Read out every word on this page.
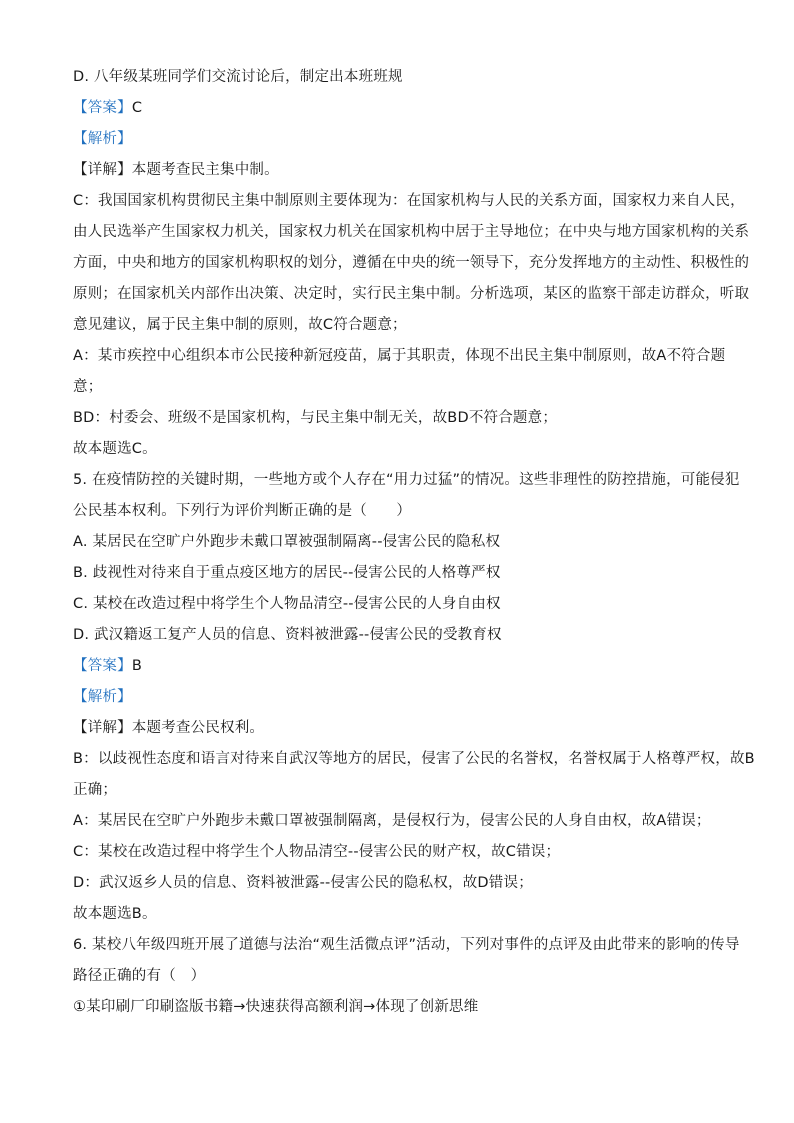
D. 八年级某班同学们交流讨论后，制定出本班班规
【答案】C
【解析】
【详解】本题考查民主集中制。
C：我国国家机构贯彻民主集中制原则主要体现为：在国家机构与人民的关系方面，国家权力来自人民，
由人民选举产生国家权力机关，国家权力机关在国家机构中居于主导地位；在中央与地方国家机构的关系
方面，中央和地方的国家机构职权的划分，遵循在中央的统一领导下，充分发挥地方的主动性、积极性的
原则；在国家机关内部作出决策、决定时，实行民主集中制。分析选项，某区的监察干部走访群众，听取
意见建议，属于民主集中制的原则，故C符合题意；
A：某市疾控中心组织本市公民接种新冠疫苗，属于其职责，体现不出民主集中制原则，故A不符合题
意；
BD：村委会、班级不是国家机构，与民主集中制无关，故BD不符合题意；
故本题选C。
5. 在疫情防控的关键时期，一些地方或个人存在“用力过猛”的情况。这些非理性的防控措施，可能侵犯
公民基本权利。下列行为评价判断正确的是（　　）
A. 某居民在空旷户外跑步未戴口罩被强制隔离--侵害公民的隐私权
B. 歧视性对待来自于重点疫区地方的居民--侵害公民的人格尊严权
C. 某校在改造过程中将学生个人物品清空--侵害公民的人身自由权
D. 武汉籍返工复产人员的信息、资料被泄露--侵害公民的受教育权
【答案】B
【解析】
【详解】本题考查公民权利。
B：以歧视性态度和语言对待来自武汉等地方的居民，侵害了公民的名誉权，名誉权属于人格尊严权，故B
正确；
A：某居民在空旷户外跑步未戴口罩被强制隔离，是侵权行为，侵害公民的人身自由权，故A错误；
C：某校在改造过程中将学生个人物品清空--侵害公民的财产权，故C错误；
D：武汉返乡人员的信息、资料被泄露--侵害公民的隐私权，故D错误；
故本题选B。
6. 某校八年级四班开展了道德与法治“观生活微点评”活动，下列对事件的点评及由此带来的影响的传导
路径正确的有（　）
①某印刷厂印刷盗版书籍→快速获得高额利润→体现了创新思维
